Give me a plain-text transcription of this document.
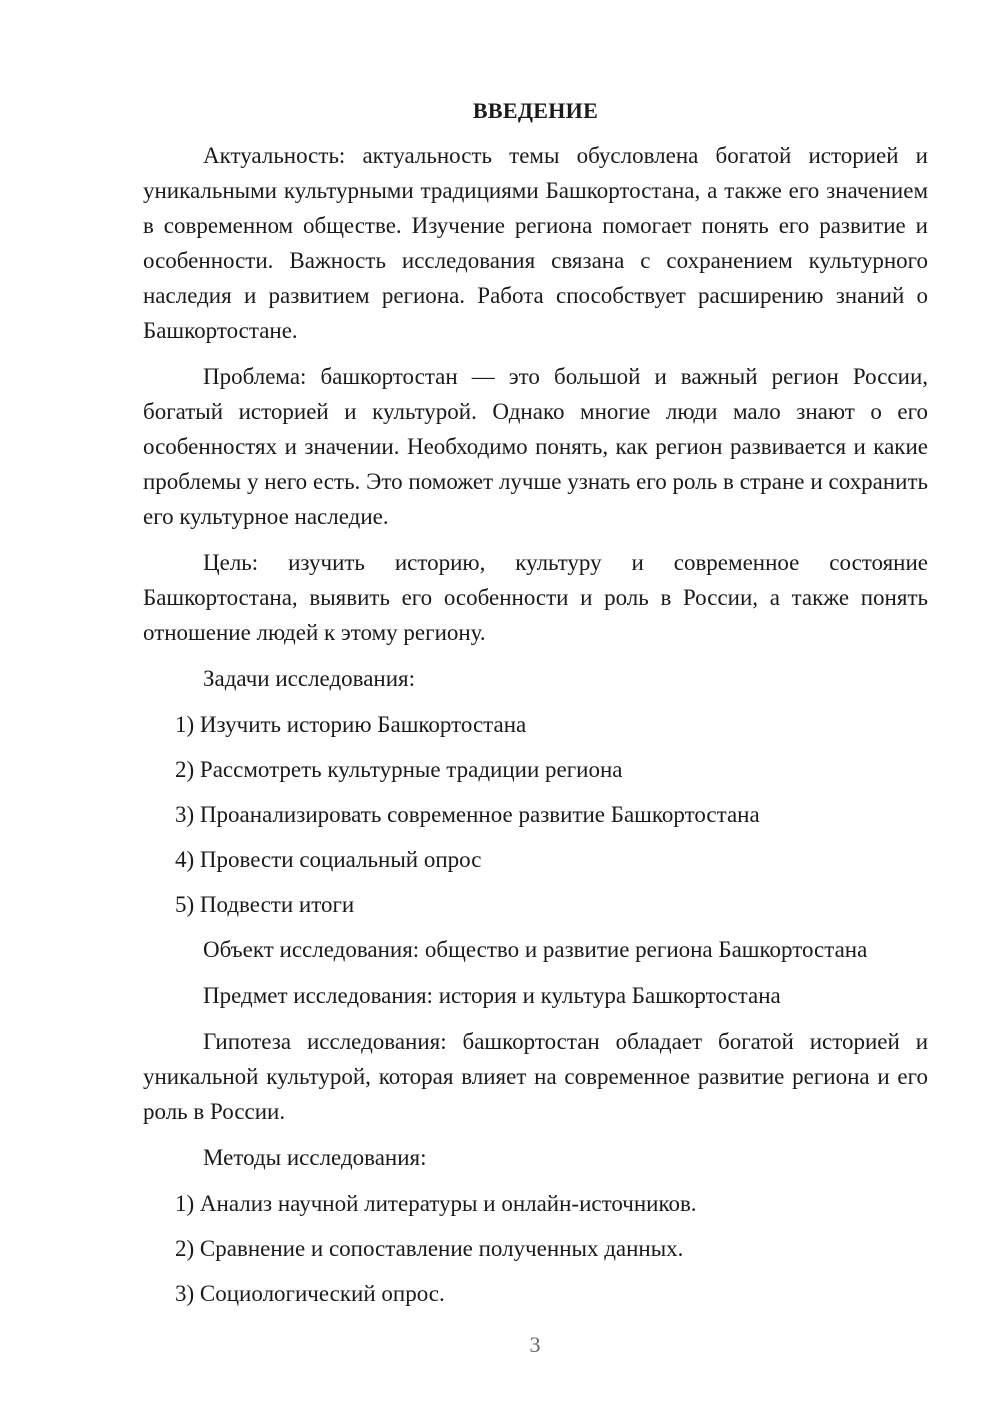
ВВЕДЕНИЕ

Актуальность: актуальность темы обусловлена богатой историей и уникальными культурными традициями Башкортостана, а также его значением в современном обществе. Изучение региона помогает понять его развитие и особенности. Важность исследования связана с сохранением культурного наследия и развитием региона. Работа способствует расширению знаний о Башкортостане.

Проблема: башкортостан — это большой и важный регион России, богатый историей и культурой. Однако многие люди мало знают о его особенностях и значении. Необходимо понять, как регион развивается и какие проблемы у него есть. Это поможет лучше узнать его роль в стране и сохранить его культурное наследие.

Цель: изучить историю, культуру и современное состояние Башкортостана, выявить его особенности и роль в России, а также понять отношение людей к этому региону.

Задачи исследования:
1) Изучить историю Башкортостана
2) Рассмотреть культурные традиции региона
3) Проанализировать современное развитие Башкортостана
4) Провести социальный опрос
5) Подвести итоги
Объект исследования: общество и развитие региона Башкортостана
Предмет исследования: история и культура Башкортостана

Гипотеза исследования: башкортостан обладает богатой историей и уникальной культурой, которая влияет на современное развитие региона и его роль в России.

Методы исследования:
1) Анализ научной литературы и онлайн-источников.
2) Сравнение и сопоставление полученных данных.
3) Социологический опрос.
3
